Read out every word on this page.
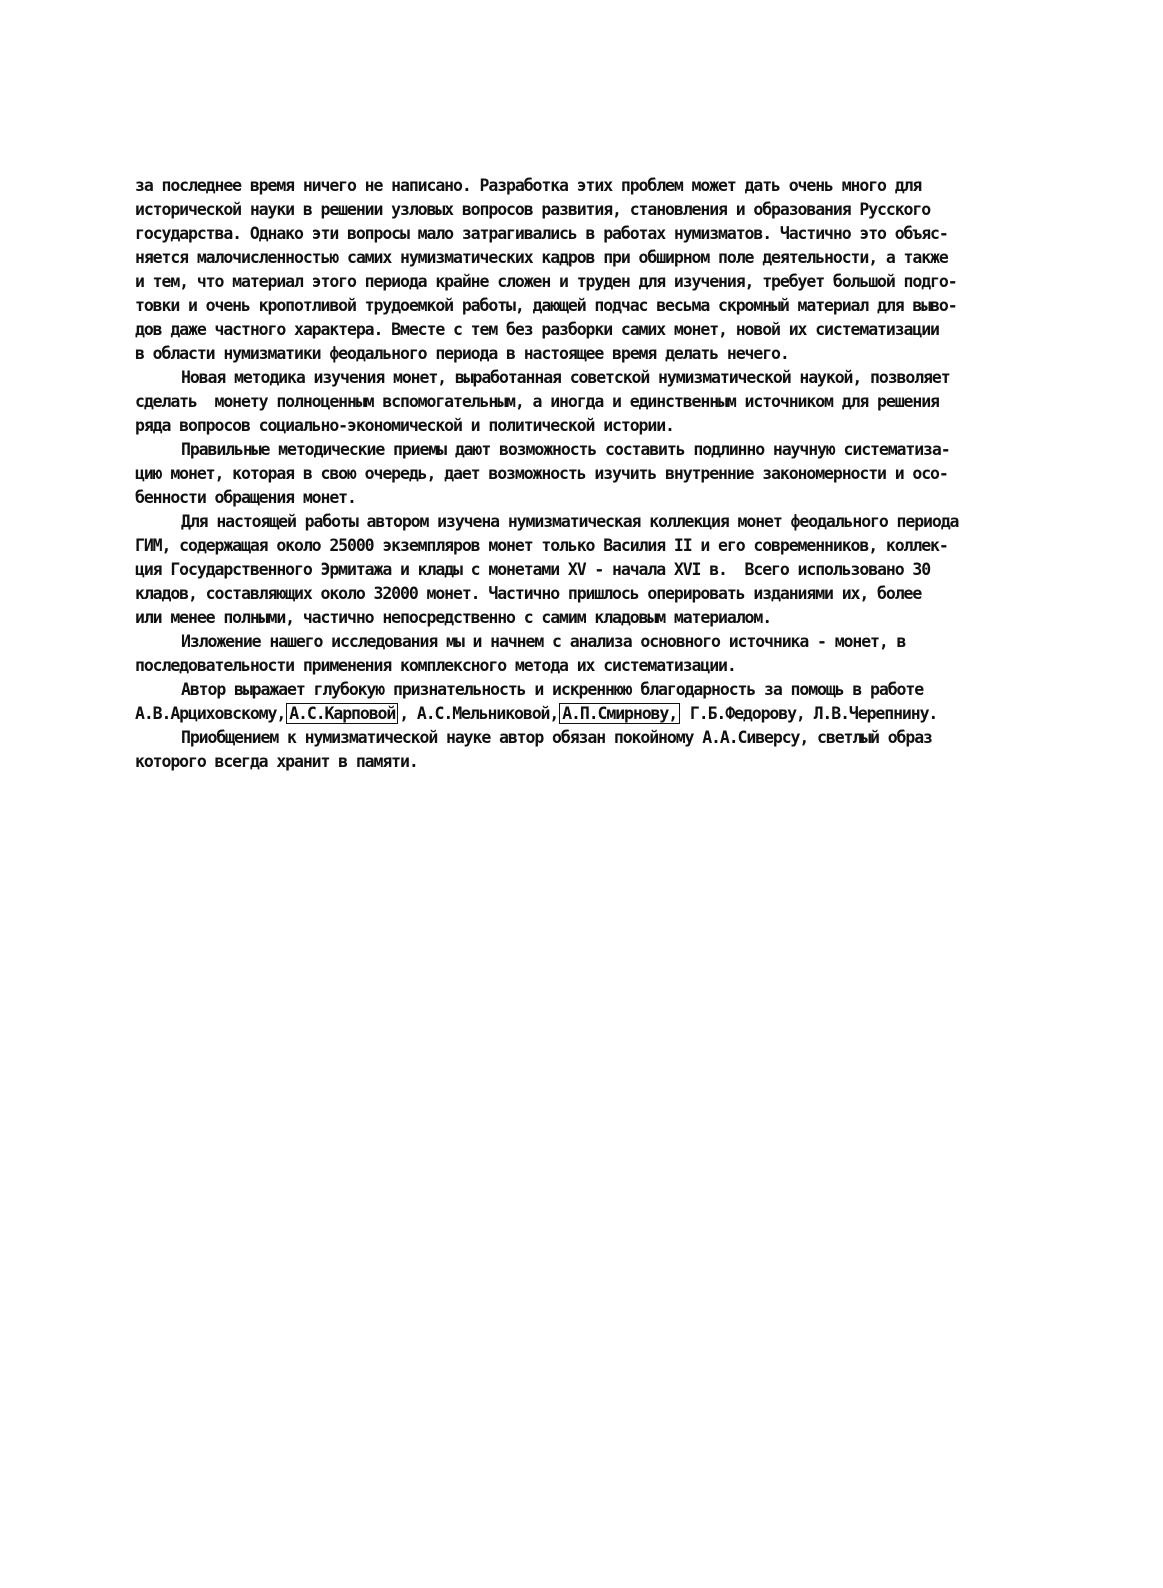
за последнее время ничего не написано. Разработка этих проблем может дать очень много для
исторической науки в решении узловых вопросов развития, становления и образования Русского
государства. Однако эти вопросы мало затрагивались в работах нумизматов. Частично это объяс-
няется малочисленностью самих нумизматических кадров при обширном поле деятельности, а также
и тем, что материал этого периода крайне сложен и труден для изучения, требует большой подго-
товки и очень кропотливой трудоемкой работы, дающей подчас весьма скромный материал для выво-
дов даже частного характера. Вместе с тем без разборки самих монет, новой их систематизации
в области нумизматики феодального периода в настоящее время делать нечего.
Новая методика изучения монет, выработанная советской нумизматической наукой, позволяет
сделать  монету полноценным вспомогательным, а иногда и единственным источником для решения
ряда вопросов социально-экономической и политической истории.
Правильные методические приемы дают возможность составить подлинно научную систематиза-
цию монет, которая в свою очередь, дает возможность изучить внутренние закономерности и осо-
бенности обращения монет.
Для настоящей работы автором изучена нумизматическая коллекция монет феодального периода
ГИМ, содержащая около 25000 экземпляров монет только Василия II и его современников, коллек-
ция Государственного Эрмитажа и клады с монетами ХV - начала ХVI в.  Всего использовано 30
кладов, составляющих около 32000 монет. Частично пришлось оперировать изданиями их, более
или менее полными, частично непосредственно с самим кладовым материалом.
Изложение нашего исследования мы и начнем с анализа основного источника - монет, в
последовательности применения комплексного метода их систематизации.
Автор выражает глубокую признательность и искреннюю благодарность за помощь в работе
А.В.Арциховскому, А.С.Карповой , А.С.Мельниковой, А.П.Смирнову, Г.Б.Федорову, Л.В.Черепнину.
Приобщением к нумизматической науке автор обязан покойному А.А.Сиверсу, светлый образ
которого всегда хранит в памяти.
